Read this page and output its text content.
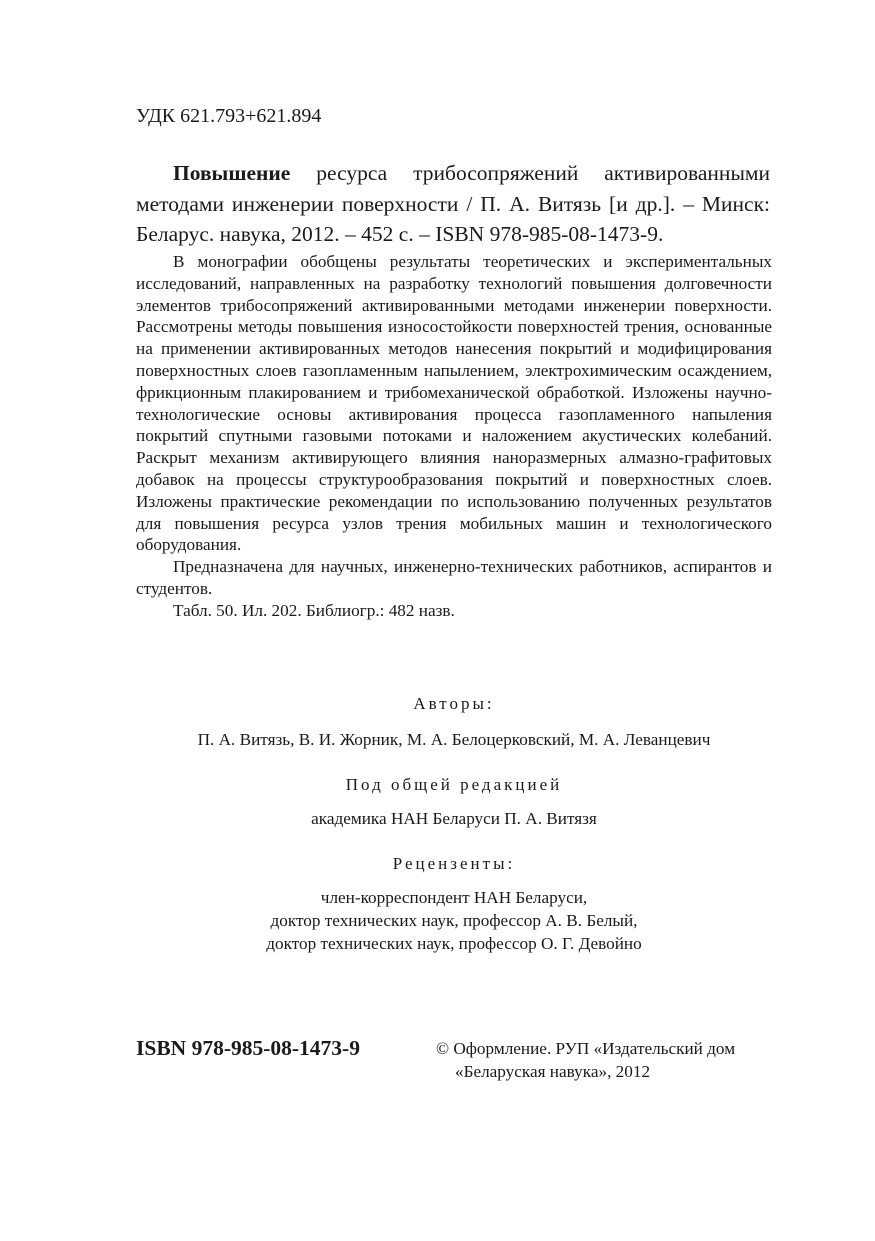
УДК 621.793+621.894
Повышение ресурса трибосопряжений активированными методами инженерии поверхности / П. А. Витязь [и др.]. – Минск: Беларус. навука, 2012. – 452 с. – ISBN 978-985-08-1473-9.

В монографии обобщены результаты теоретических и экспериментальных исследований, направленных на разработку технологий повышения долговечности элементов трибосопряжений активированными методами инженерии поверхности. Рассмотрены методы повышения износостойкости поверхностей трения, основанные на применении активированных методов нанесения покрытий и модифицирования поверхностных слоев газопламенным напылением, электрохимическим осаждением, фрикционным плакированием и трибомеханической обработкой. Изложены научно-технологические основы активирования процесса газопламенного напыления покрытий спутными газовыми потоками и наложением акустических колебаний. Раскрыт механизм активирующего влияния наноразмерных алмазно-графитовых добавок на процессы структурообразования покрытий и поверхностных слоев. Изложены практические рекомендации по использованию полученных результатов для повышения ресурса узлов трения мобильных машин и технологического оборудования.

Предназначена для научных, инженерно-технических работников, аспирантов и студентов.

Табл. 50. Ил. 202. Библиогр.: 482 назв.

Авторы:
П. А. Витязь, В. И. Жорник, М. А. Белоцерковский, М. А. Леванцевич
Под общей редакцией
академика НАН Беларуси П. А. Витязя
Рецензенты:
член-корреспондент НАН Беларуси,
доктор технических наук, профессор А. В. Белый,
доктор технических наук, профессор О. Г. Девойно
ISBN 978-985-08-1473-9	© Оформление. РУП «Издательский дом
«Беларуская навука», 2012
